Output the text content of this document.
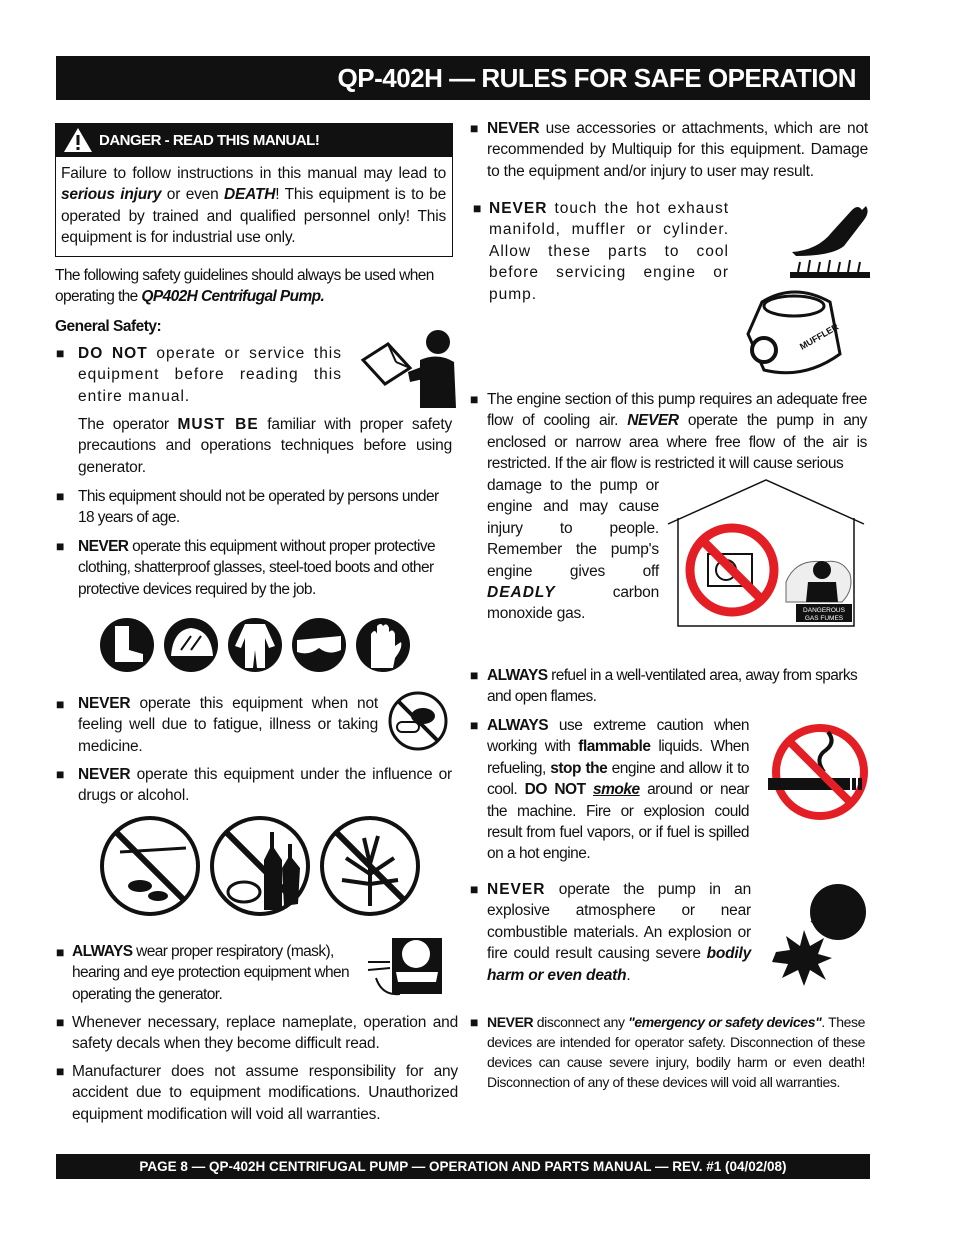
QP-402H — RULES FOR SAFE OPERATION
DANGER - READ THIS MANUAL!
Failure to follow instructions in this manual may lead to serious injury or even DEATH! This equipment is to be operated by trained and qualified personnel only! This equipment is for industrial use only.
The following safety guidelines should always be used when operating the QP402H Centrifugal Pump.
General Safety:
■ DO NOT operate or service this equipment before reading this entire manual.
The operator MUST BE familiar with proper safety precautions and operations techniques before using generator.
■ This equipment should not be operated by persons under 18 years of age.
■ NEVER operate this equipment without proper protective clothing, shatterproof glasses, steel-toed boots and other protective devices required by the job.
■ NEVER operate this equipment when not feeling well due to fatigue, illness or taking medicine.
■ NEVER operate this equipment under the influence or drugs or alcohol.
■ ALWAYS wear proper respiratory (mask), hearing and eye protection equipment when operating the generator.
■ Whenever necessary, replace nameplate, operation and safety decals when they become difficult read.
■ Manufacturer does not assume responsibility for any accident due to equipment modifications. Unauthorized equipment modification will void all warranties.
■ NEVER use accessories or attachments, which are not recommended by Multiquip for this equipment. Damage to the equipment and/or injury to user may result.
■ NEVER touch the hot exhaust manifold, muffler or cylinder. Allow these parts to cool before servicing engine or pump.
MUFFLER
■ The engine section of this pump requires an adequate free flow of cooling air. NEVER operate the pump in any enclosed or narrow area where free flow of the air is restricted. If the air flow is restricted it will cause serious
damage to the pump or engine and may cause injury to people. Remember the pump's engine gives off DEADLY carbon monoxide gas.	DANGEROUS
GAS FUMES
■ ALWAYS refuel in a well-ventilated area, away from sparks and open flames.
■ ALWAYS use extreme caution when working with flammable liquids. When refueling, stop the engine and allow it to cool. DO NOT smoke around or near the machine. Fire or explosion could result from fuel vapors, or if fuel is spilled on a hot engine.
■ NEVER operate the pump in an explosive atmosphere or near combustible materials. An explosion or fire could result causing severe bodily harm or even death.
■ NEVER disconnect any "emergency or safety devices". These devices are intended for operator safety. Disconnection of these devices can cause severe injury, bodily harm or even death! Disconnection of any of these devices will void all warranties.
PAGE 8 — QP-402H CENTRIFUGAL PUMP — OPERATION AND PARTS MANUAL — REV. #1 (04/02/08)
